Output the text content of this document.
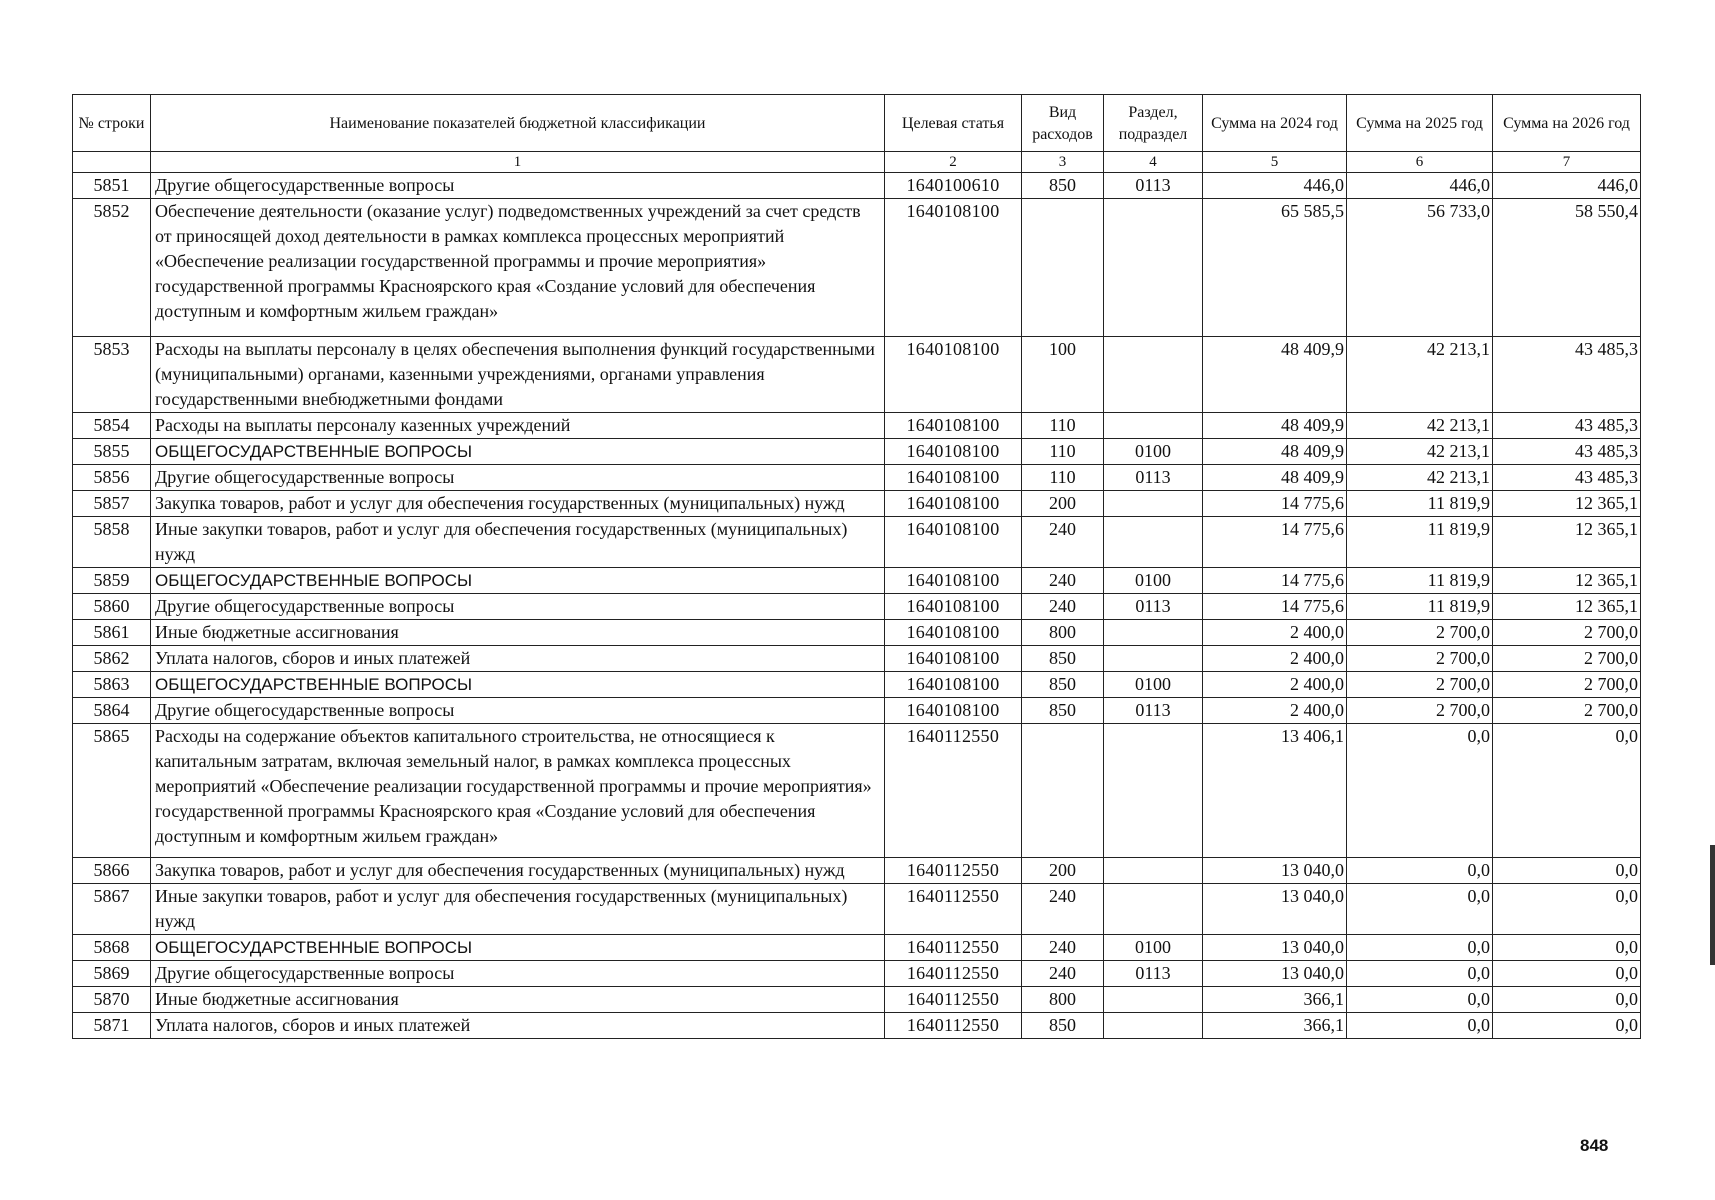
№ строки	Наименование показателей бюджетной классификации	Целевая статья	Вид расходов	Раздел, подраздел	Сумма на 2024 год	Сумма на 2025 год	Сумма на 2026 год
	1	2	3	4	5	6	7
5851	Другие общегосударственные вопросы	1640100610	850	0113	446,0	446,0	446,0
5852	Обеспечение деятельности (оказание услуг) подведомственных учреждений за счет средств от приносящей доход деятельности в рамках комплекса процессных мероприятий «Обеспечение реализации государственной программы и прочие мероприятия» государственной программы Красноярского края «Создание условий для обеспечения доступным и комфортным жильем граждан»	1640108100			65 585,5	56 733,0	58 550,4
5853	Расходы на выплаты персоналу в целях обеспечения выполнения функций государственными (муниципальными) органами, казенными учреждениями, органами управления государственными внебюджетными фондами	1640108100	100		48 409,9	42 213,1	43 485,3
5854	Расходы на выплаты персоналу казенных учреждений	1640108100	110		48 409,9	42 213,1	43 485,3
5855	ОБЩЕГОСУДАРСТВЕННЫЕ ВОПРОСЫ	1640108100	110	0100	48 409,9	42 213,1	43 485,3
5856	Другие общегосударственные вопросы	1640108100	110	0113	48 409,9	42 213,1	43 485,3
5857	Закупка товаров, работ и услуг для обеспечения государственных (муниципальных) нужд	1640108100	200		14 775,6	11 819,9	12 365,1
5858	Иные закупки товаров, работ и услуг для обеспечения государственных (муниципальных) нужд	1640108100	240		14 775,6	11 819,9	12 365,1
5859	ОБЩЕГОСУДАРСТВЕННЫЕ ВОПРОСЫ	1640108100	240	0100	14 775,6	11 819,9	12 365,1
5860	Другие общегосударственные вопросы	1640108100	240	0113	14 775,6	11 819,9	12 365,1
5861	Иные бюджетные ассигнования	1640108100	800		2 400,0	2 700,0	2 700,0
5862	Уплата налогов, сборов и иных платежей	1640108100	850		2 400,0	2 700,0	2 700,0
5863	ОБЩЕГОСУДАРСТВЕННЫЕ ВОПРОСЫ	1640108100	850	0100	2 400,0	2 700,0	2 700,0
5864	Другие общегосударственные вопросы	1640108100	850	0113	2 400,0	2 700,0	2 700,0
5865	Расходы на содержание объектов капитального строительства, не относящиеся к капитальным затратам, включая земельный налог, в рамках комплекса процессных мероприятий «Обеспечение реализации государственной программы и прочие мероприятия» государственной программы Красноярского края «Создание условий для обеспечения доступным и комфортным жильем граждан»	1640112550			13 406,1	0,0	0,0
5866	Закупка товаров, работ и услуг для обеспечения государственных (муниципальных) нужд	1640112550	200		13 040,0	0,0	0,0
5867	Иные закупки товаров, работ и услуг для обеспечения государственных (муниципальных) нужд	1640112550	240		13 040,0	0,0	0,0
5868	ОБЩЕГОСУДАРСТВЕННЫЕ ВОПРОСЫ	1640112550	240	0100	13 040,0	0,0	0,0
5869	Другие общегосударственные вопросы	1640112550	240	0113	13 040,0	0,0	0,0
5870	Иные бюджетные ассигнования	1640112550	800		366,1	0,0	0,0
5871	Уплата налогов, сборов и иных платежей	1640112550	850		366,1	0,0	0,0
848
